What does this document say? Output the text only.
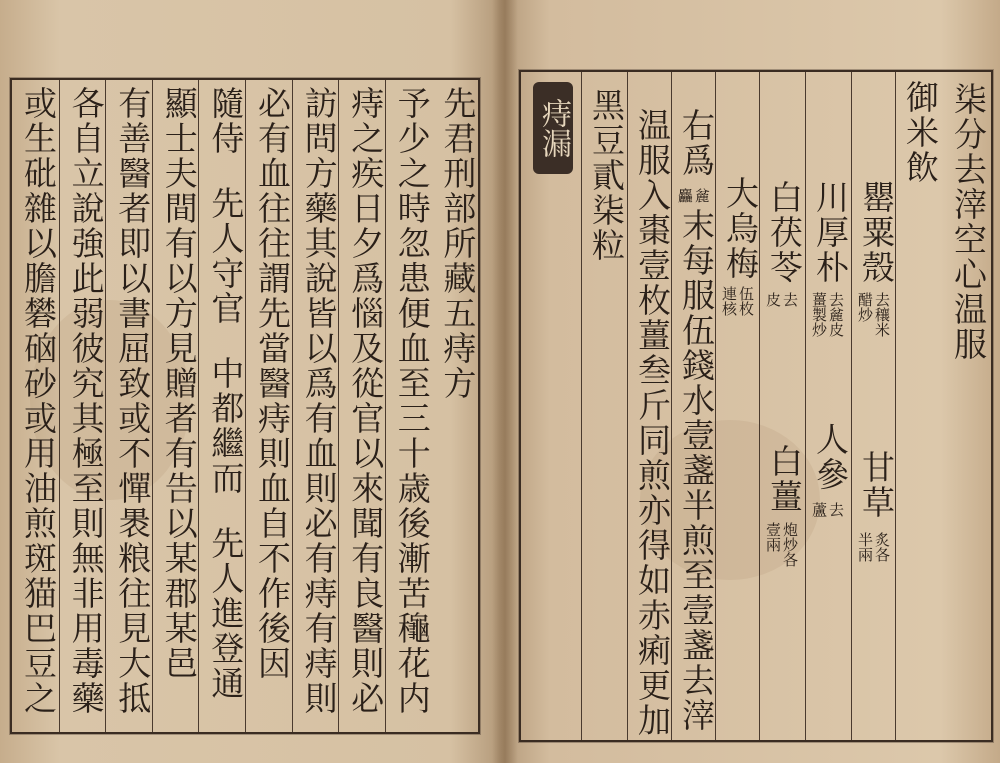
先君刑部所藏五痔方
予少之時忽患便血至三十歳後漸苦龝花内
痔之疾日夕爲惱及從官以來聞有良醫則必
訪問方藥其說皆以爲有血則必有痔有痔則
必有血往往謂先當醫痔則血自不作後因
隨侍先人守官中都繼而先人進登通
顯士夫間有以方見贈者有告以某郡某邑
有善醫者即以書屈致或不憚褁粮往見大抵
各自立說強此弱彼究其極至則無非用毒藥
或生砒雜以膽礬硇砂或用油煎斑猫巴豆之	柒分去滓空心温服
御米飲
罌粟殼
去穰米
醋炒
甘草
炙各
半兩
川厚朴
去麄皮
薑製炒
人參
去
蘆
白茯苓
去
皮
白薑
炮炒各
壹兩
大烏梅
伍枚
連核
右爲
麄
麤
末每服伍錢水壹盞半煎至壹盞去滓
温服入棗壹枚薑叁斤同煎亦得如赤痢更加
黑豆貳柒粒
痔漏
